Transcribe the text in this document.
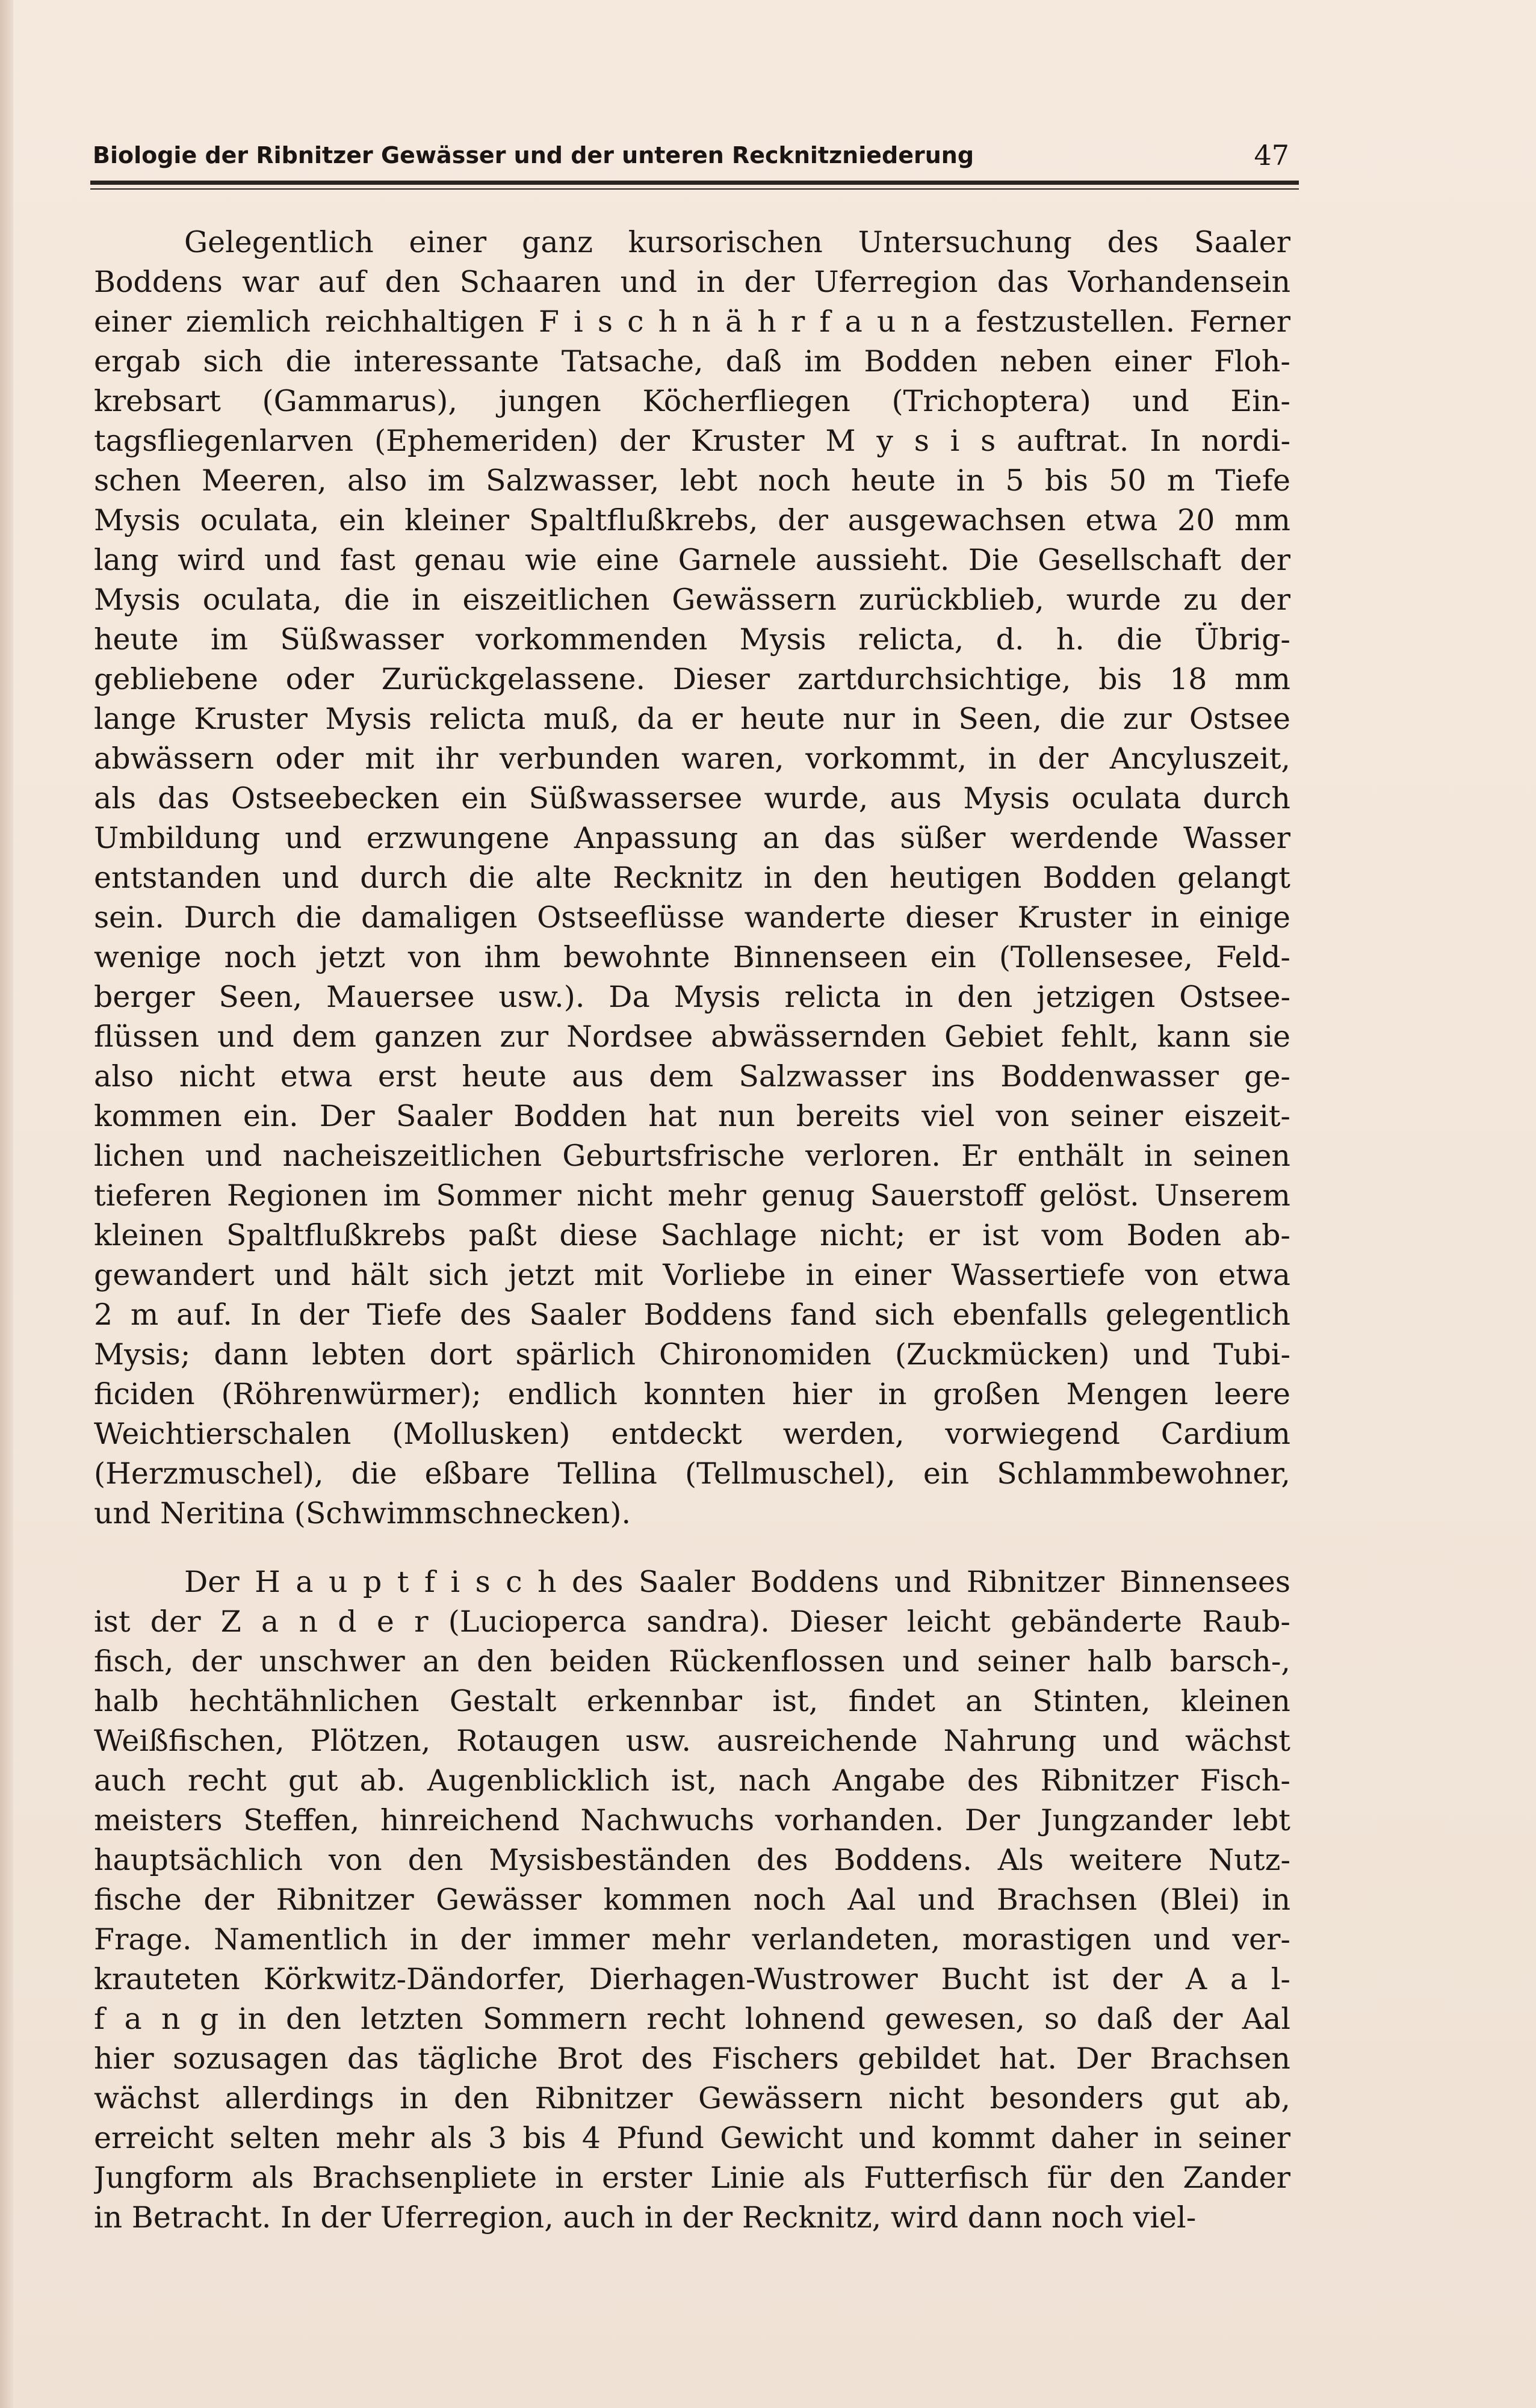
Biologie der Ribnitzer Gewässer und der unteren Recknitzniederung	47
Gelegentlich einer ganz kursorischen Untersuchung des Saaler
Boddens war auf den Schaaren und in der Uferregion das Vorhandensein
einer ziemlich reichhaltigen F i s c h n ä h r f a u n a festzustellen. Ferner
ergab sich die interessante Tatsache, daß im Bodden neben einer Floh-
krebsart (Gammarus), jungen Köcherfliegen (Trichoptera) und Ein-
tagsfliegenlarven (Ephemeriden) der Kruster M y s i s auftrat. In nordi-
schen Meeren, also im Salzwasser, lebt noch heute in 5 bis 50 m Tiefe
Mysis oculata, ein kleiner Spaltflußkrebs, der ausgewachsen etwa 20 mm
lang wird und fast genau wie eine Garnele aussieht. Die Gesellschaft der
Mysis oculata, die in eiszeitlichen Gewässern zurückblieb, wurde zu der
heute im Süßwasser vorkommenden Mysis relicta, d. h. die Übrig-
gebliebene oder Zurückgelassene. Dieser zartdurchsichtige, bis 18 mm
lange Kruster Mysis relicta muß, da er heute nur in Seen, die zur Ostsee
abwässern oder mit ihr verbunden waren, vorkommt, in der Ancyluszeit,
als das Ostseebecken ein Süßwassersee wurde, aus Mysis oculata durch
Umbildung und erzwungene Anpassung an das süßer werdende Wasser
entstanden und durch die alte Recknitz in den heutigen Bodden gelangt
sein. Durch die damaligen Ostseeflüsse wanderte dieser Kruster in einige
wenige noch jetzt von ihm bewohnte Binnenseen ein (Tollensesee, Feld-
berger Seen, Mauersee usw.). Da Mysis relicta in den jetzigen Ostsee-
flüssen und dem ganzen zur Nordsee abwässernden Gebiet fehlt, kann sie
also nicht etwa erst heute aus dem Salzwasser ins Boddenwasser ge-
kommen ein. Der Saaler Bodden hat nun bereits viel von seiner eiszeit-
lichen und nacheiszeitlichen Geburtsfrische verloren. Er enthält in seinen
tieferen Regionen im Sommer nicht mehr genug Sauerstoff gelöst. Unserem
kleinen Spaltflußkrebs paßt diese Sachlage nicht; er ist vom Boden ab-
gewandert und hält sich jetzt mit Vorliebe in einer Wassertiefe von etwa
2 m auf. In der Tiefe des Saaler Boddens fand sich ebenfalls gelegentlich
Mysis; dann lebten dort spärlich Chironomiden (Zuckmücken) und Tubi-
ficiden (Röhrenwürmer); endlich konnten hier in großen Mengen leere
Weichtierschalen (Mollusken) entdeckt werden, vorwiegend Cardium
(Herzmuschel), die eßbare Tellina (Tellmuschel), ein Schlammbewohner,
und Neritina (Schwimmschnecken).
Der H a u p t f i s c h des Saaler Boddens und Ribnitzer Binnensees
ist der Z a n d e r (Lucioperca sandra). Dieser leicht gebänderte Raub-
fisch, der unschwer an den beiden Rückenflossen und seiner halb barsch-,
halb hechtähnlichen Gestalt erkennbar ist, findet an Stinten, kleinen
Weißfischen, Plötzen, Rotaugen usw. ausreichende Nahrung und wächst
auch recht gut ab. Augenblicklich ist, nach Angabe des Ribnitzer Fisch-
meisters Steffen, hinreichend Nachwuchs vorhanden. Der Jungzander lebt
hauptsächlich von den Mysisbeständen des Boddens. Als weitere Nutz-
fische der Ribnitzer Gewässer kommen noch Aal und Brachsen (Blei) in
Frage. Namentlich in der immer mehr verlandeten, morastigen und ver-
krauteten Körkwitz-Dändorfer, Dierhagen-Wustrower Bucht ist der A a l-
f a n g in den letzten Sommern recht lohnend gewesen, so daß der Aal
hier sozusagen das tägliche Brot des Fischers gebildet hat. Der Brachsen
wächst allerdings in den Ribnitzer Gewässern nicht besonders gut ab,
erreicht selten mehr als 3 bis 4 Pfund Gewicht und kommt daher in seiner
Jungform als Brachsenpliete in erster Linie als Futterfisch für den Zander
in Betracht. In der Uferregion, auch in der Recknitz, wird dann noch viel-
